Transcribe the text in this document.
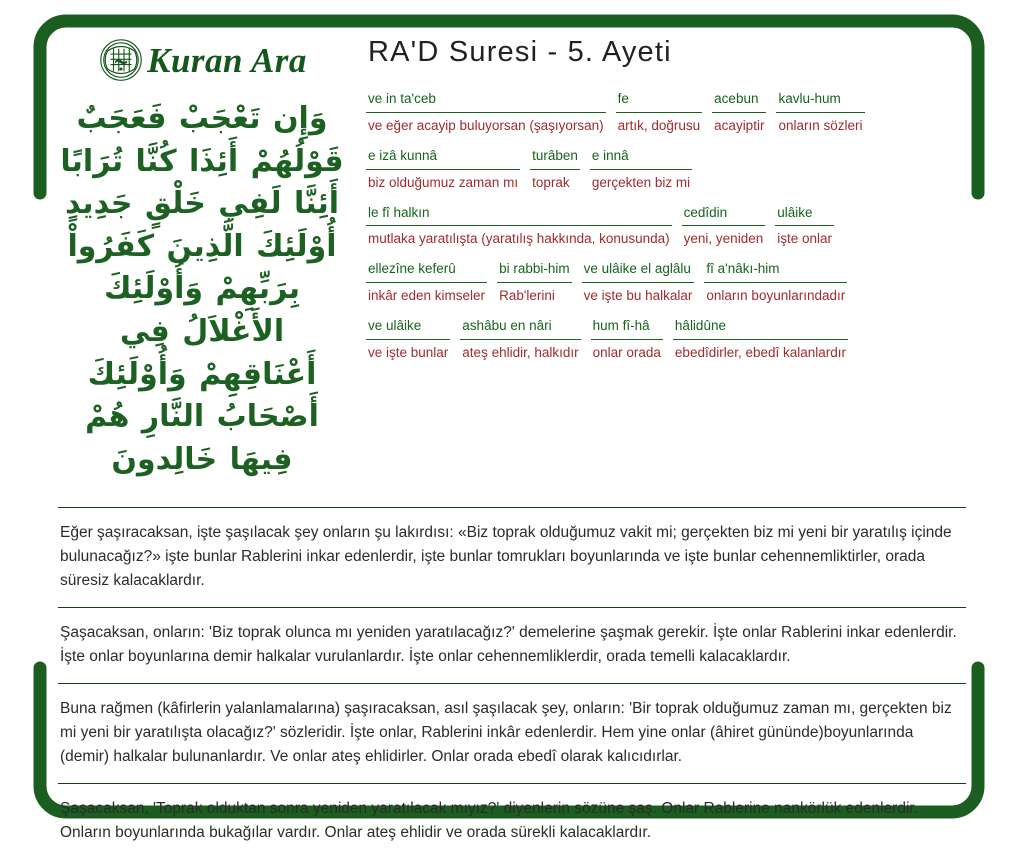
Kuran Ara
وَإِن تَعْجَبْ فَعَجَبٌ قَوْلُهُمْ أَئِذَا كُنَّا تُرَابًا أَئِنَّا لَفِي خَلْقٍ جَدِيدٍ أُوْلَئِكَ الَّذِينَ كَفَرُواْ بِرَبِّهِمْ وَأُوْلَئِكَ الأَغْلاَلُ فِي أَعْنَاقِهِمْ وَأُوْلَئِكَ أَصْحَابُ النَّارِ هُمْ فِيهَا خَالِدونَ
RA'D Suresi - 5. Ayeti
ve in ta'ceb
ve eğer acayip buluyorsan (şaşıyorsan)
fe
artık, doğrusu
acebun
acayiptir
kavlu-hum
onların sözleri
e izâ kunnâ
biz olduğumuz zaman mı
turâben
toprak
e innâ
gerçekten biz mi
le fî halkın
mutlaka yaratılışta (yaratılış hakkında, konusunda)
cedîdin
yeni, yeniden
ulâike
işte onlar
ellezîne keferû
inkâr eden kimseler
bi rabbi-him
Rab'lerini
ve ulâike el aglâlu
ve işte bu halkalar
fî a'nâkı-him
onların boyunlarındadır
ve ulâike
ve işte bunlar
ashâbu en nâri
ateş ehlidir, halkıdır
hum fî-hâ
onlar orada
hâlidûne
ebedîdirler, ebedî kalanlardır
Eğer şaşıracaksan, işte şaşılacak şey onların şu lakırdısı: «Biz toprak olduğumuz vakit mi; gerçekten biz mi yeni bir yaratılış içinde bulunacağız?» işte bunlar Rablerini inkar edenlerdir, işte bunlar tomrukları boyunlarında ve işte bunlar cehennemliktirler, orada süresiz kalacaklardır.
Şaşacaksan, onların: 'Biz toprak olunca mı yeniden yaratılacağız?' demelerine şaşmak gerekir. İşte onlar Rablerini inkar edenlerdir. İşte onlar boyunlarına demir halkalar vurulanlardır. İşte onlar cehennemliklerdir, orada temelli kalacaklardır.
Buna rağmen (kâfirlerin yalanlamalarına) şaşıracaksan, asıl şaşılacak şey, onların: 'Bir toprak olduğumuz zaman mı, gerçekten biz mi yeni bir yaratılışta olacağız?' sözleridir. İşte onlar, Rablerini inkâr edenlerdir. Hem yine onlar (âhiret gününde)boyunlarında (demir) halkalar bulunanlardır. Ve onlar ateş ehlidirler. Onlar orada ebedî olarak kalıcıdırlar.
Şaşacaksan, 'Toprak olduktan sonra yeniden yaratılacak mıyız?' diyenlerin sözüne şaş. Onlar Rablerine nankörlük edenlerdir. Onların boyunlarında bukağılar vardır. Onlar ateş ehlidir ve orada sürekli kalacaklardır.
